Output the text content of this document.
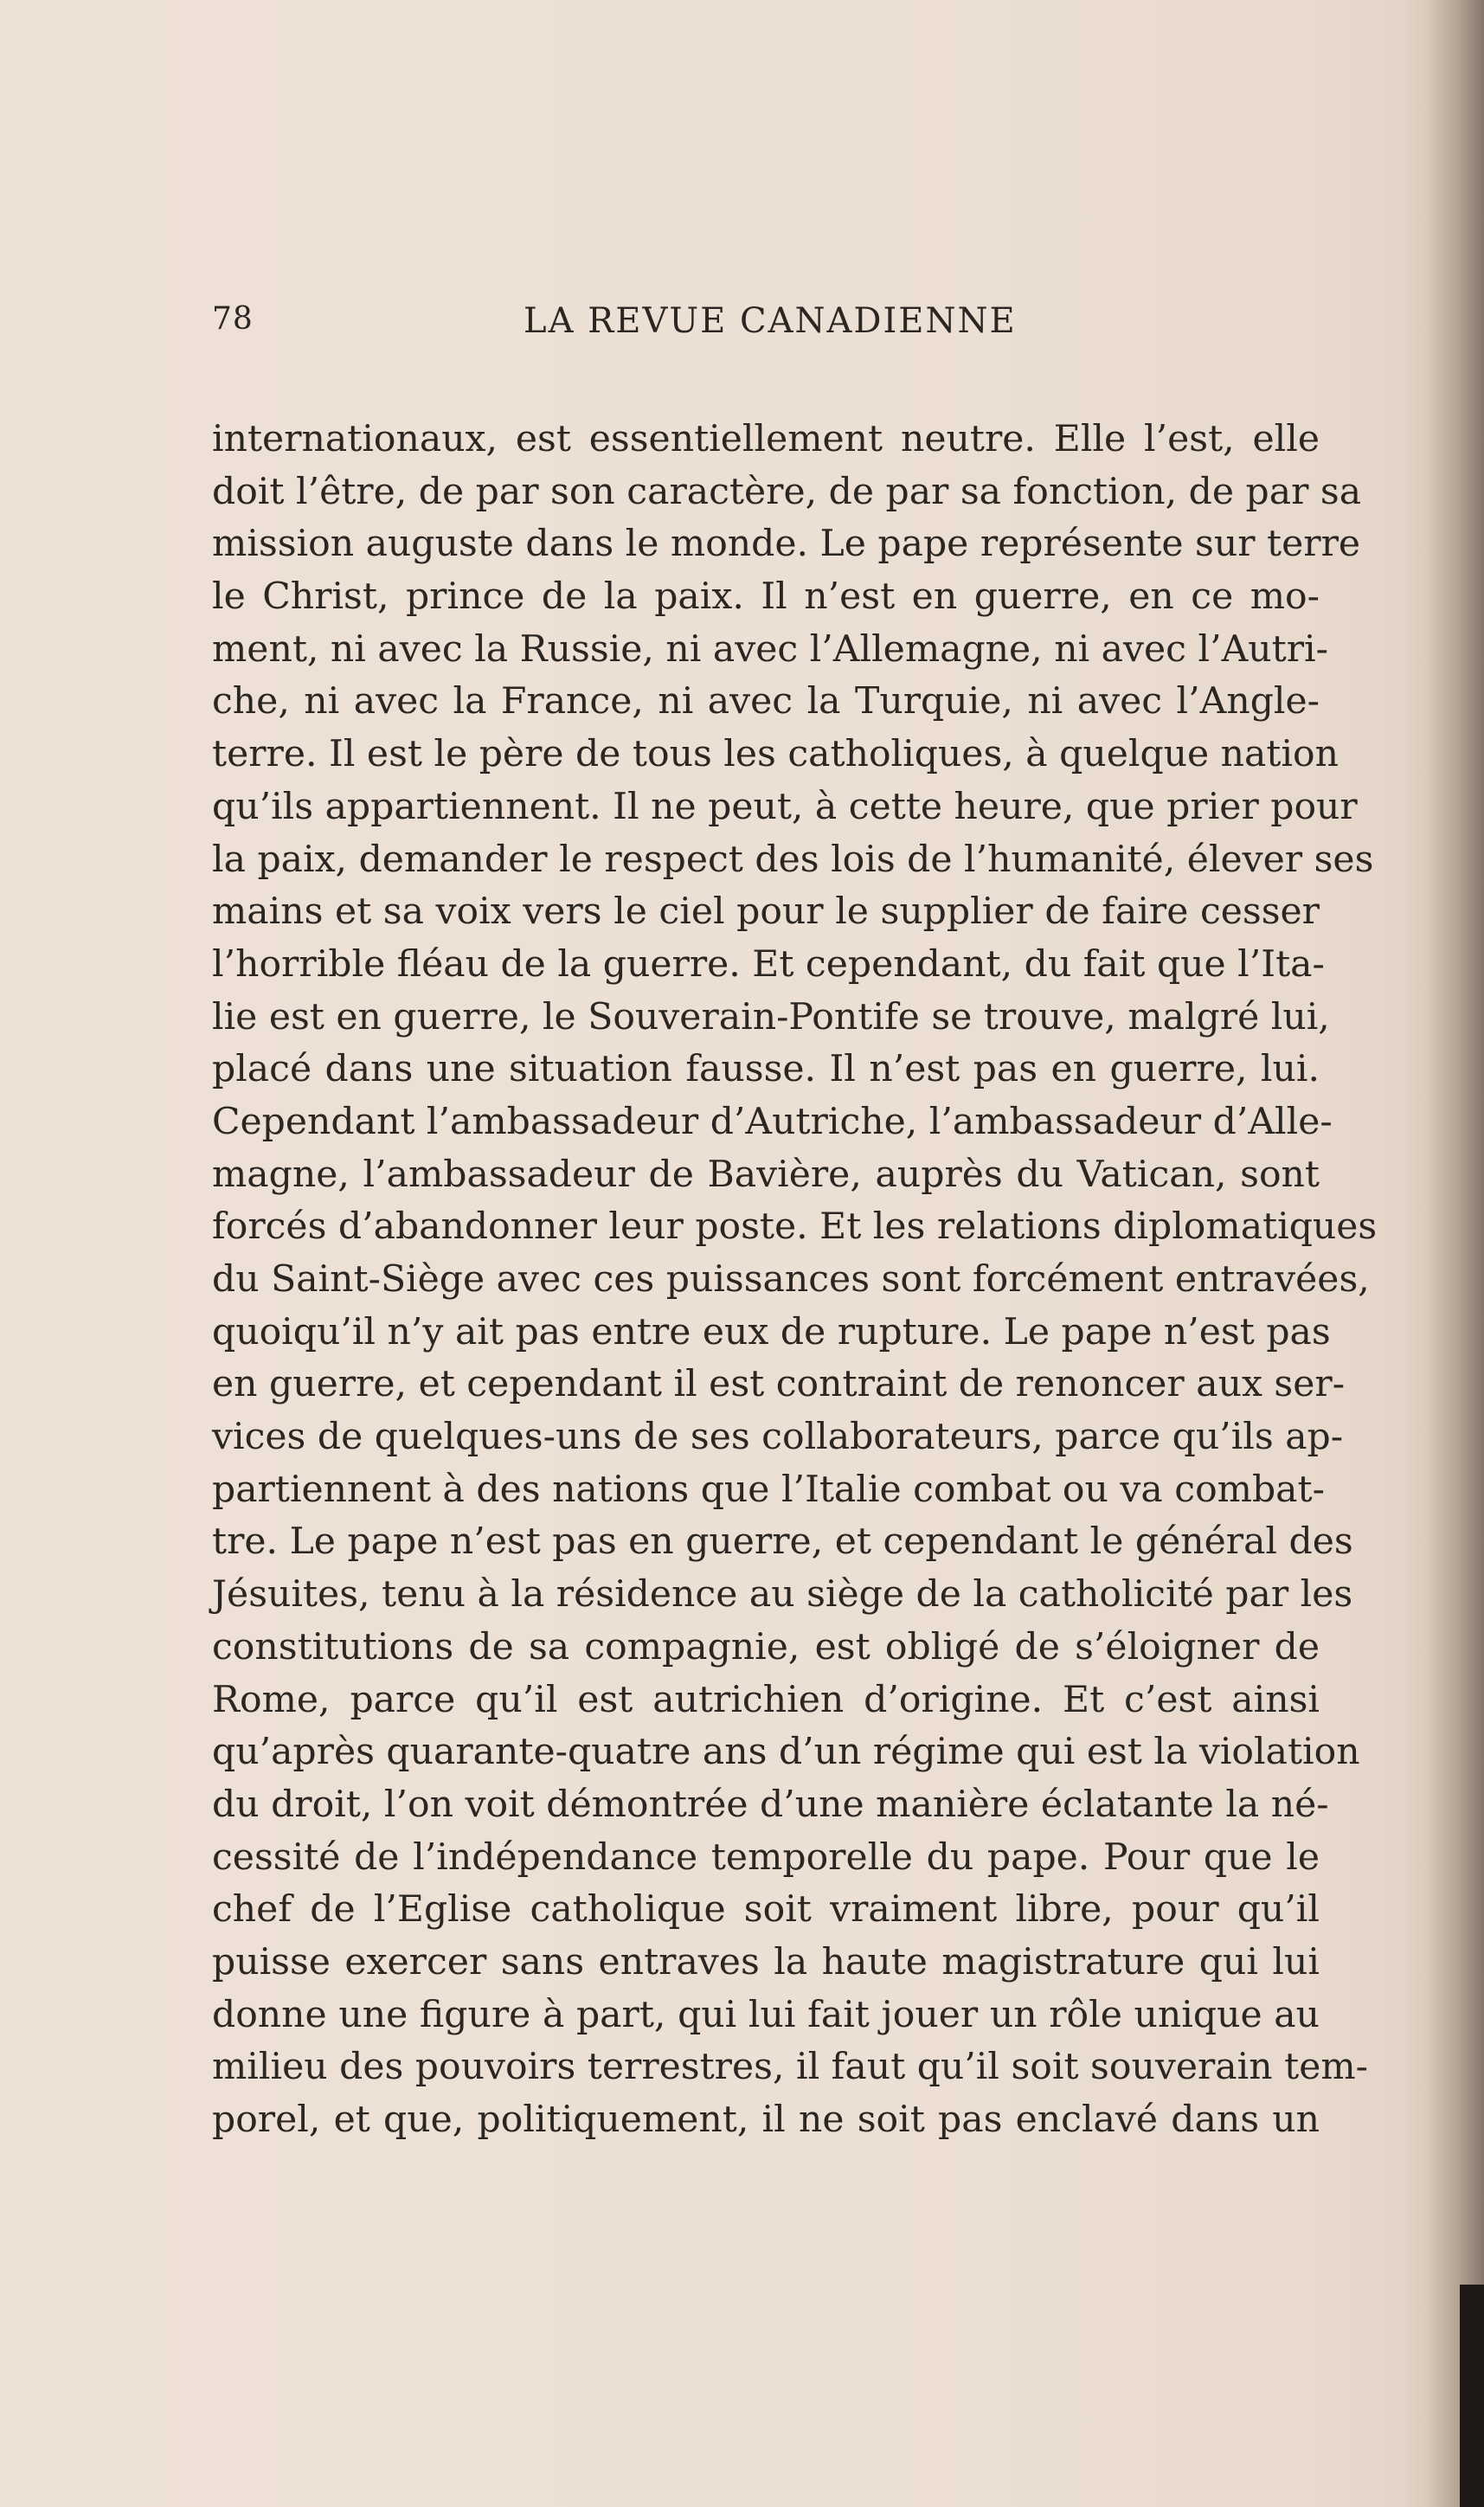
78	LA REVUE CANADIENNE
internationaux, est essentiellement neutre. Elle l’est, elle
doit l’être, de par son caractère, de par sa fonction, de par sa
mission auguste dans le monde. Le pape représente sur terre
le Christ, prince de la paix. Il n’est en guerre, en ce mo-
ment, ni avec la Russie, ni avec l’Allemagne, ni avec l’Autri-
che, ni avec la France, ni avec la Turquie, ni avec l’Angle-
terre. Il est le père de tous les catholiques, à quelque nation
qu’ils appartiennent. Il ne peut, à cette heure, que prier pour
la paix, demander le respect des lois de l’humanité, élever ses
mains et sa voix vers le ciel pour le supplier de faire cesser
l’horrible fléau de la guerre. Et cependant, du fait que l’Ita-
lie est en guerre, le Souverain-Pontife se trouve, malgré lui,
placé dans une situation fausse. Il n’est pas en guerre, lui.
Cependant l’ambassadeur d’Autriche, l’ambassadeur d’Alle-
magne, l’ambassadeur de Bavière, auprès du Vatican, sont
forcés d’abandonner leur poste. Et les relations diplomatiques
du Saint-Siège avec ces puissances sont forcément entravées,
quoiqu’il n’y ait pas entre eux de rupture. Le pape n’est pas
en guerre, et cependant il est contraint de renoncer aux ser-
vices de quelques-uns de ses collaborateurs, parce qu’ils ap-
partiennent à des nations que l’Italie combat ou va combat-
tre. Le pape n’est pas en guerre, et cependant le général des
Jésuites, tenu à la résidence au siège de la catholicité par les
constitutions de sa compagnie, est obligé de s’éloigner de
Rome, parce qu’il est autrichien d’origine. Et c’est ainsi
qu’après quarante-quatre ans d’un régime qui est la violation
du droit, l’on voit démontrée d’une manière éclatante la né-
cessité de l’indépendance temporelle du pape. Pour que le
chef de l’Eglise catholique soit vraiment libre, pour qu’il
puisse exercer sans entraves la haute magistrature qui lui
donne une figure à part, qui lui fait jouer un rôle unique au
milieu des pouvoirs terrestres, il faut qu’il soit souverain tem-
porel, et que, politiquement, il ne soit pas enclavé dans un
